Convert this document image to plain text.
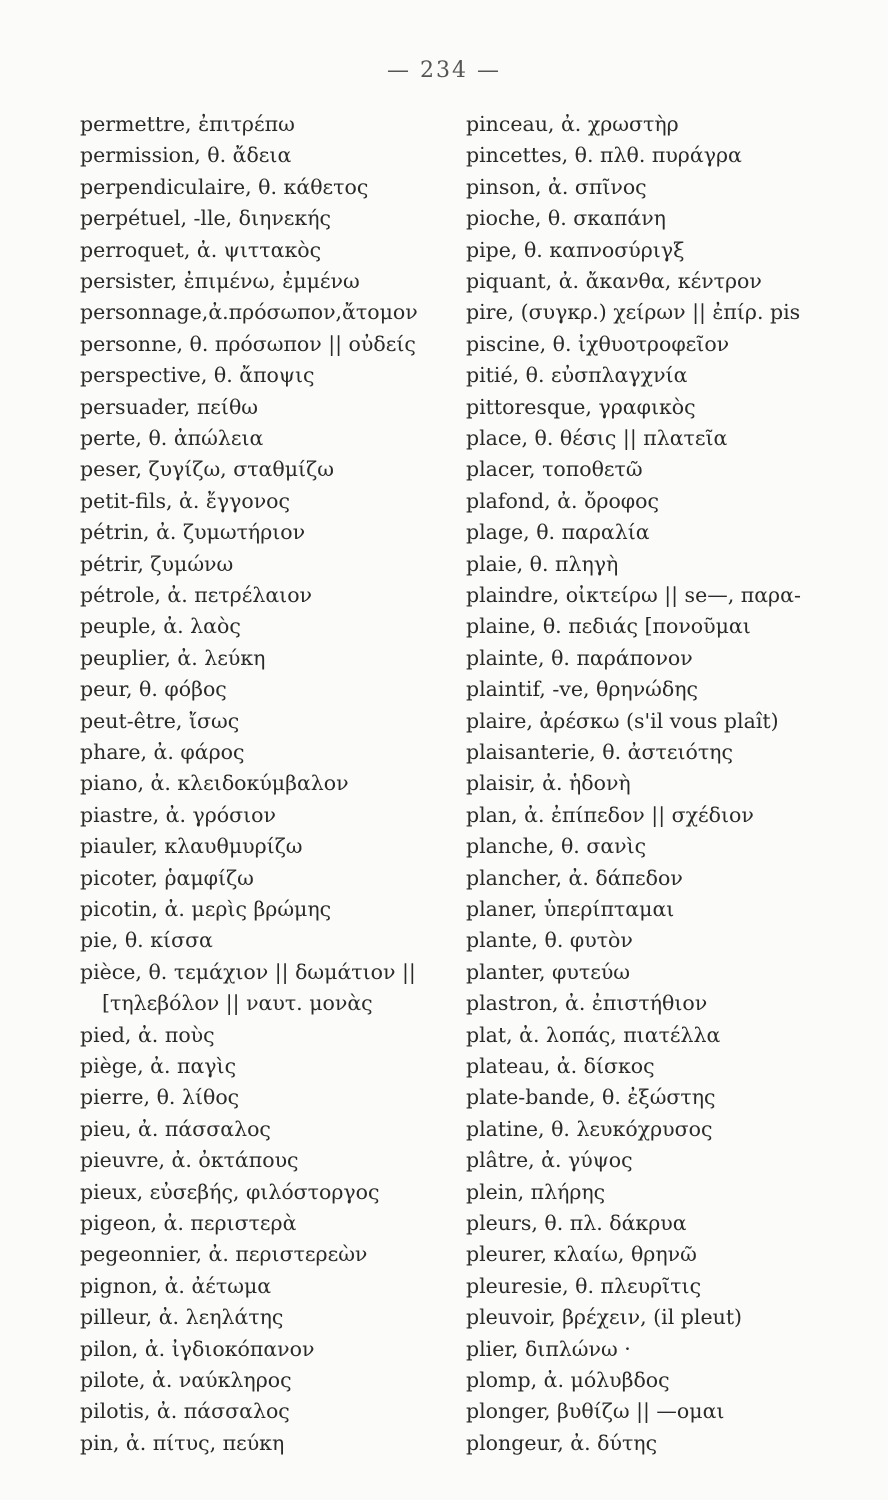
— 234 —
permettre, ἐπιτρέπω
permission, θ. ἄδεια
perpendiculaire, θ. κάθετος
perpétuel, -lle, διηνεκής
perroquet, ἀ. ψιττακὸς
persister, ἐπιμένω, ἐμμένω
personnage,ἀ.πρόσωπον,ἄτομον
personne, θ. πρόσωπον || οὐδείς
perspective, θ. ἄποψις
persuader, πείθω
perte, θ. ἀπώλεια
peser, ζυγίζω, σταθμίζω
petit-fils, ἀ. ἔγγονος
pétrin, ἀ. ζυμωτήριον
pétrir, ζυμώνω
pétrole, ἀ. πετρέλαιον
peuple, ἀ. λαὸς
peuplier, ἀ. λεύκη
peur, θ. φόβος
peut-être, ἴσως
phare, ἀ. φάρος
piano, ἀ. κλειδοκύμβαλον
piastre, ἀ. γρόσιον
piauler, κλαυθμυρίζω
picoter, ῥαμφίζω
picotin, ἀ. μερὶς βρώμης
pie, θ. κίσσα
pièce, θ. τεμάχιον || δωμάτιον ||
[τηλεβόλον || ναυτ. μονὰς
pied, ἀ. ποὺς
piège, ἀ. παγὶς
pierre, θ. λίθος
pieu, ἀ. πάσσαλος
pieuvre, ἀ. ὀκτάπους
pieux, εὐσεβής, φιλόστοργος
pigeon, ἀ. περιστερὰ
pegeonnier, ἀ. περιστερεὼν
pignon, ἀ. ἀέτωμα
pilleur, ἀ. λεηλάτης
pilon, ἀ. ἰγδιοκόπανον
pilote, ἀ. ναύκληρος
pilotis, ἀ. πάσσαλος
pin, ἀ. πίτυς, πεύκη
pinceau, ἀ. χρωστὴρ
pincettes, θ. πλθ. πυράγρα
pinson, ἀ. σπῖνος
pioche, θ. σκαπάνη
pipe, θ. καπνοσύριγξ
piquant, ἀ. ἄκανθα, κέντρον
pire, (συγκρ.) χείρων || ἐπίρ. pis
piscine, θ. ἰχθυοτροφεῖον
pitié, θ. εὐσπλαγχνία
pittoresque, γραφικὸς
place, θ. θέσις || πλατεῖα
placer, τοποθετῶ
plafond, ἀ. ὄροφος
plage, θ. παραλία
plaie, θ. πληγὴ
plaindre, οἰκτείρω || se—, παρα-
plaine, θ. πεδιάς [πονοῦμαι
plainte, θ. παράπονον
plaintif, -ve, θρηνώδης
plaire, ἀρέσκω (s'il vous plaît)
plaisanterie, θ. ἀστειότης
plaisir, ἀ. ἡδονὴ
plan, ἀ. ἐπίπεδον || σχέδιον
planche, θ. σανὶς
plancher, ἀ. δάπεδον
planer, ὑπερίπταμαι
plante, θ. φυτὸν
planter, φυτεύω
plastron, ἀ. ἐπιστήθιον
plat, ἀ. λοπάς, πιατέλλα
plateau, ἀ. δίσκος
plate-bande, θ. ἐξώστης
platine, θ. λευκόχρυσος
plâtre, ἀ. γύψος
plein, πλήρης
pleurs, θ. πλ. δάκρυα
pleurer, κλαίω, θρηνῶ
pleuresie, θ. πλευρῖτις
pleuvoir, βρέχειν, (il pleut)
plier, διπλώνω ·
plomp, ἀ. μόλυβδος
plonger, βυθίζω || —ομαι
plongeur, ἀ. δύτης
